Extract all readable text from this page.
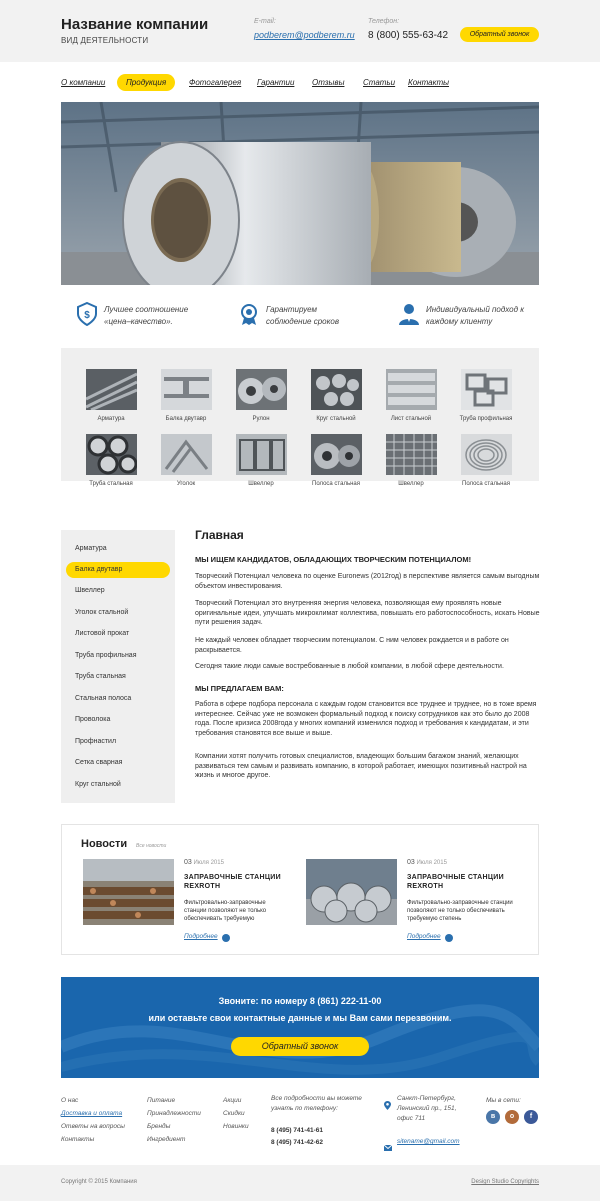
Название компании
ВИД ДЕЯТЕЛЬНОСТИ
E-mail:
podberem@podberem.ru
Телефон:
8 (800) 555-63-42	Обратный звонок
О компании	Продукция	Фотогалерея Гарантии Отзывы Статьи Контакты
$
Лучшее соотношение
«цена–качество».
Гарантируем
соблюдение сроков
Индивидуальный подход к
каждому клиенту
Арматура	Балка двутавр	Рулон	Круг стальной	Лист стальной	Труба профильная
Труба стальная	Уголок	Швеллер	Полоса стальная	Швеллер	Полоса стальная
Арматура
Балка двутавр
Швеллер
Уголок стальной
Листовой прокат
Труба профильная
Труба стальная
Стальная полоса
Проволока
Профнастил
Сетка сварная
Круг стальной
Главная
МЫ ИЩЕМ КАНДИДАТОВ, ОБЛАДАЮЩИХ ТВОРЧЕСКИМ ПОТЕНЦИАЛОМ!
Творческий Потенциал человека по оценке Euronews (2012год) в перспективе является самым выгодным объектом инвестирования.
Творческий Потенциал это внутренняя энергия человека, позволяющая ему проявлять новые оригинальные идеи, улучшать микроклимат коллектива, повышать его работоспособность, искать Новые пути решения задач.
Не каждый человек обладает творческим потенциалом. С ним человек рождается и в работе он раскрывается.
Сегодня такие люди самые востребованные в любой компании, в любой сфере деятельности.
МЫ ПРЕДЛАГАЕМ ВАМ:
Работа в сфере подбора персонала с каждым годом становится все труднее и труднее, но в тоже время интереснее. Сейчас уже не возможен формальный подход к поиску сотрудников как это было до 2008 года. После кризиса 2008года у многих компаний изменился подход и требования к кандидатам, и эти требования становятся все выше и выше.
Компании хотят получить готовых специалистов, владеющих большим багажом знаний, желающих развиваться тем самым и развивать компанию, в которой работает, имеющих позитивный настрой на жизнь и многое другое.
Новости Все новости
03 Июля 2015
ЗАПРАВОЧНЫЕ СТАНЦИИ
REXROTH
Фильтровально-заправочные станции позволяют не только обеспечивать требуемую
Подробнее
03 Июля 2015
ЗАПРАВОЧНЫЕ СТАНЦИИ
REXROTH
Фильтровально-заправочные станции позволяют не только обеспечивать требуемую степень
Подробнее
Звоните: по номеру 8 (861) 222-11-00
или оставьте свои контактные данные и мы Вам сами перезвоним.
Обратный звонок
О нас
Доставка и оплата
Ответы на вопросы
Контакты
Питание
Принадлежности
Бренды
Ингредиент
Акции
Скидки
Новинки
Все подробности вы можете узнать по телефону:
8 (495) 741-41-61
8 (495) 741-42-62
Санкт-Петербург, Ленинский пр., 151, офис 711
sitename@gmail.com
Мы в сети:
в	о	f
Copyright © 2015 Компания	Design Studio Copyrights
